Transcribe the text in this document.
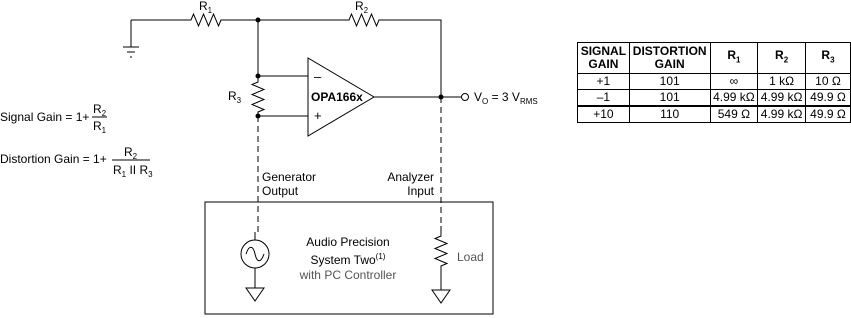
$R_1$	$R_2$
$R_3$
–
+
OPA166x	$V_O = 3$ $V_{RMS}$
Signal Gain = 1+
$R_2$
$R_1$
Distortion Gain = $1+ R_2$
$R_1$ II $R_3$	Generator
Output
Analyzer
Input
Audio Precision
System Two$^{(1)}$
with PC Controller
Load
SIGNAL GAIN	DISTORTION GAIN	$R_1$	$R_2$	$R_3$
+1	101	∞	1 kΩ	10 Ω
–1	101	4.99 kΩ	4.99 kΩ	49.9 Ω
+10	110	549 Ω	4.99 kΩ	49.9 Ω
